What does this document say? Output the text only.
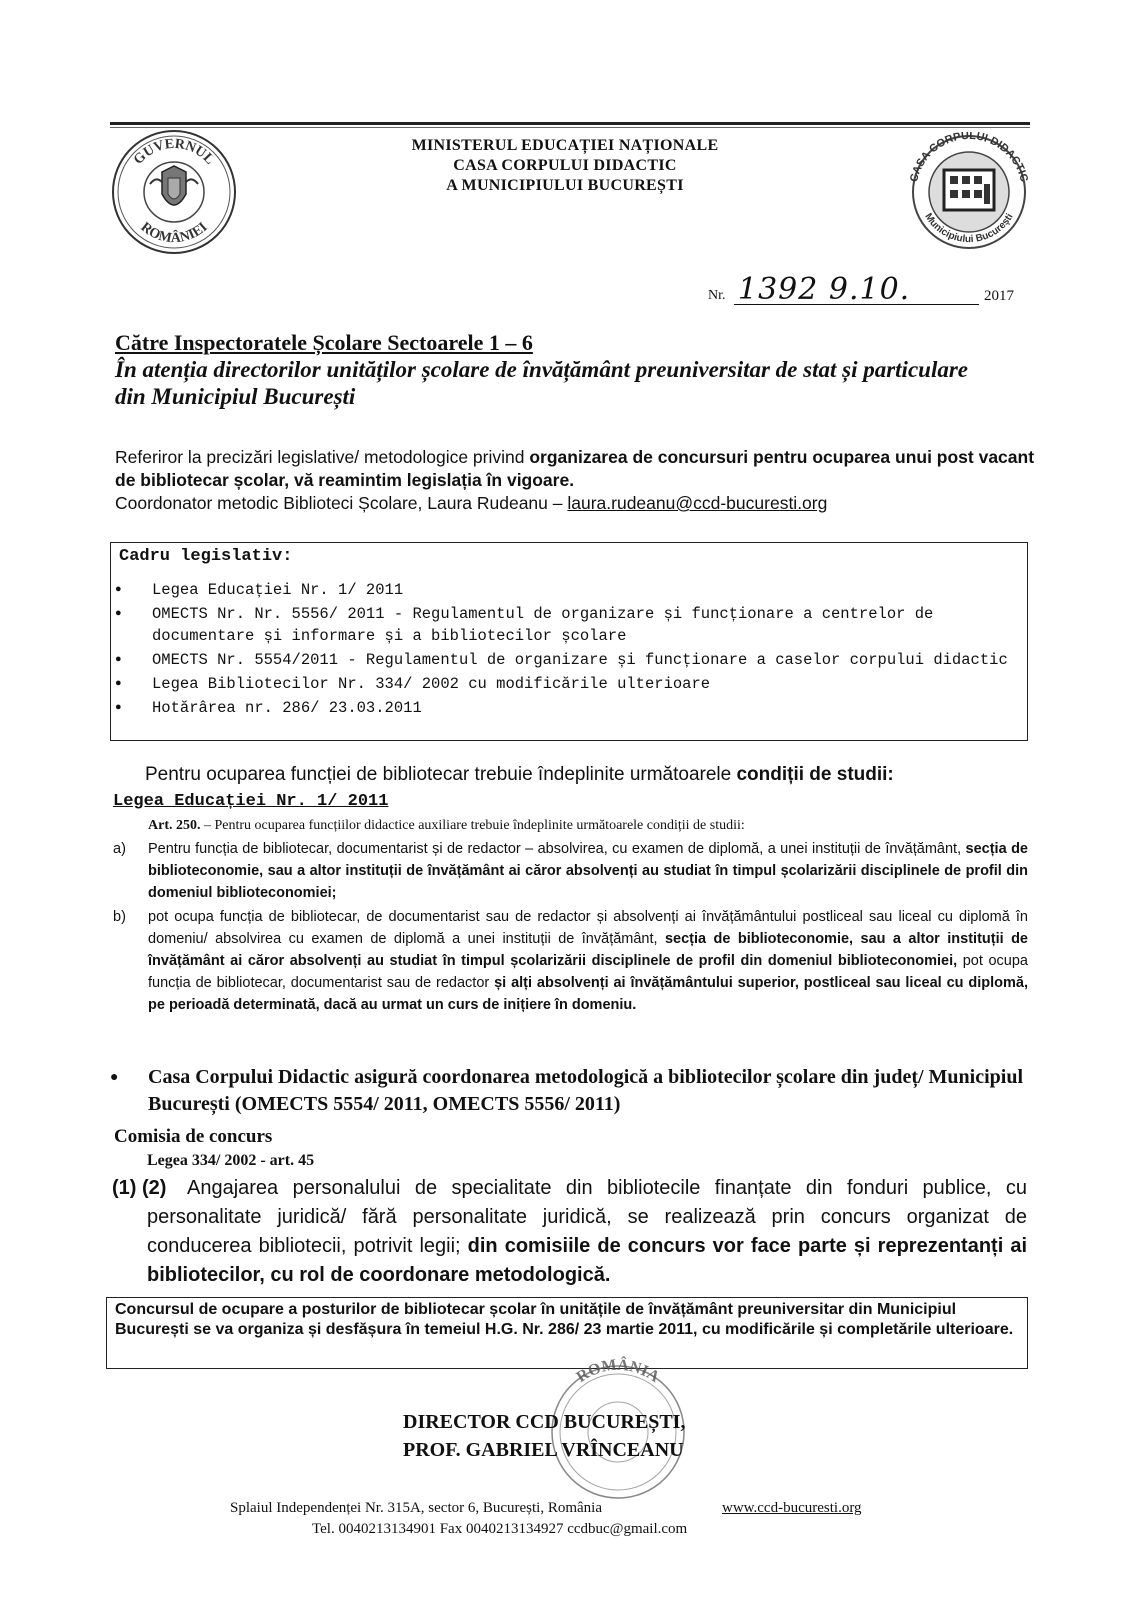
GUVERNUL
ROMÂNIEI
MINISTERUL EDUCAȚIEI NAȚIONALE
CASA CORPULUI DIDACTIC
A MUNICIPIULUI BUCUREȘTI	CASA CORPULUI DIDACTIC
Municipiului București
Nr. 1392 9.10.	2017
Către Inspectoratele Școlare Sectoarele 1 – 6
În atenția directorilor unităților școlare de învățământ preuniversitar de stat și particulare din Municipiul București
Referiror la precizări legislative/ metodologice privind organizarea de concursuri pentru ocuparea unui post vacant de bibliotecar școlar, vă reamintim legislația în vigoare.
Coordonator metodic Biblioteci Școlare, Laura Rudeanu – laura.rudeanu@ccd-bucuresti.org
Cadru legislativ:
● Legea Educației Nr. 1/ 2011
● OMECTS Nr. Nr. 5556/ 2011 - Regulamentul de organizare și funcționare a centrelor de documentare și informare și a bibliotecilor școlare
● OMECTS Nr. 5554/2011 - Regulamentul de organizare și funcționare a caselor corpului didactic
● Legea Bibliotecilor Nr. 334/ 2002 cu modificările ulterioare
● Hotărârea nr. 286/ 23.03.2011
Pentru ocuparea funcției de bibliotecar trebuie îndeplinite următoarele condiții de studii:
Legea Educației Nr. 1/ 2011
Art. 250. – Pentru ocuparea funcțiilor didactice auxiliare trebuie îndeplinite următoarele condiții de studii:
a) Pentru funcția de bibliotecar, documentarist și de redactor – absolvirea, cu examen de diplomă, a unei instituții de învățământ, secția de biblioteconomie, sau a altor instituții de învățământ ai căror absolvenți au studiat în timpul școlarizării disciplinele de profil din domeniul biblioteconomiei;
b) pot ocupa funcția de bibliotecar, de documentarist sau de redactor și absolvenți ai învățământului postliceal sau liceal cu diplomă în domeniu/ absolvirea cu examen de diplomă a unei instituții de învățământ, secția de biblioteconomie, sau a altor instituții de învățământ ai căror absolvenți au studiat în timpul școlarizării disciplinele de profil din domeniul biblioteconomiei, pot ocupa funcția de bibliotecar, documentarist sau de redactor și alți absolvenți ai învățământului superior, postliceal sau liceal cu diplomă, pe perioadă determinată, dacă au urmat un curs de inițiere în domeniu.
● Casa Corpului Didactic asigură coordonarea metodologică a bibliotecilor școlare din județ/ Municipiul București (OMECTS 5554/ 2011, OMECTS 5556/ 2011)
Comisia de concurs
Legea 334/ 2002 - art. 45
(1) (2)	Angajarea personalului de specialitate din bibliotecile finanțate din fonduri publice, cu personalitate juridică/ fără personalitate juridică, se realizează prin concurs organizat de conducerea bibliotecii, potrivit legii; din comisiile de concurs vor face parte și reprezentanți ai bibliotecilor, cu rol de coordonare metodologică.
Concursul de ocupare a posturilor de bibliotecar școlar în unitățile de învățământ preuniversitar din Municipiul București se va organiza și desfășura în temeiul H.G. Nr. 286/ 23 martie 2011, cu modificările și completările ulterioare.
ROMÂNIA
DIRECTOR CCD BUCUREȘTI,
PROF. GABRIEL VRÎNCEANU
Splaiul Independenței Nr. 315A, sector 6, București, România	www.ccd-bucuresti.org
Tel. 0040213134901 Fax 0040213134927 ccdbuc@gmail.com
